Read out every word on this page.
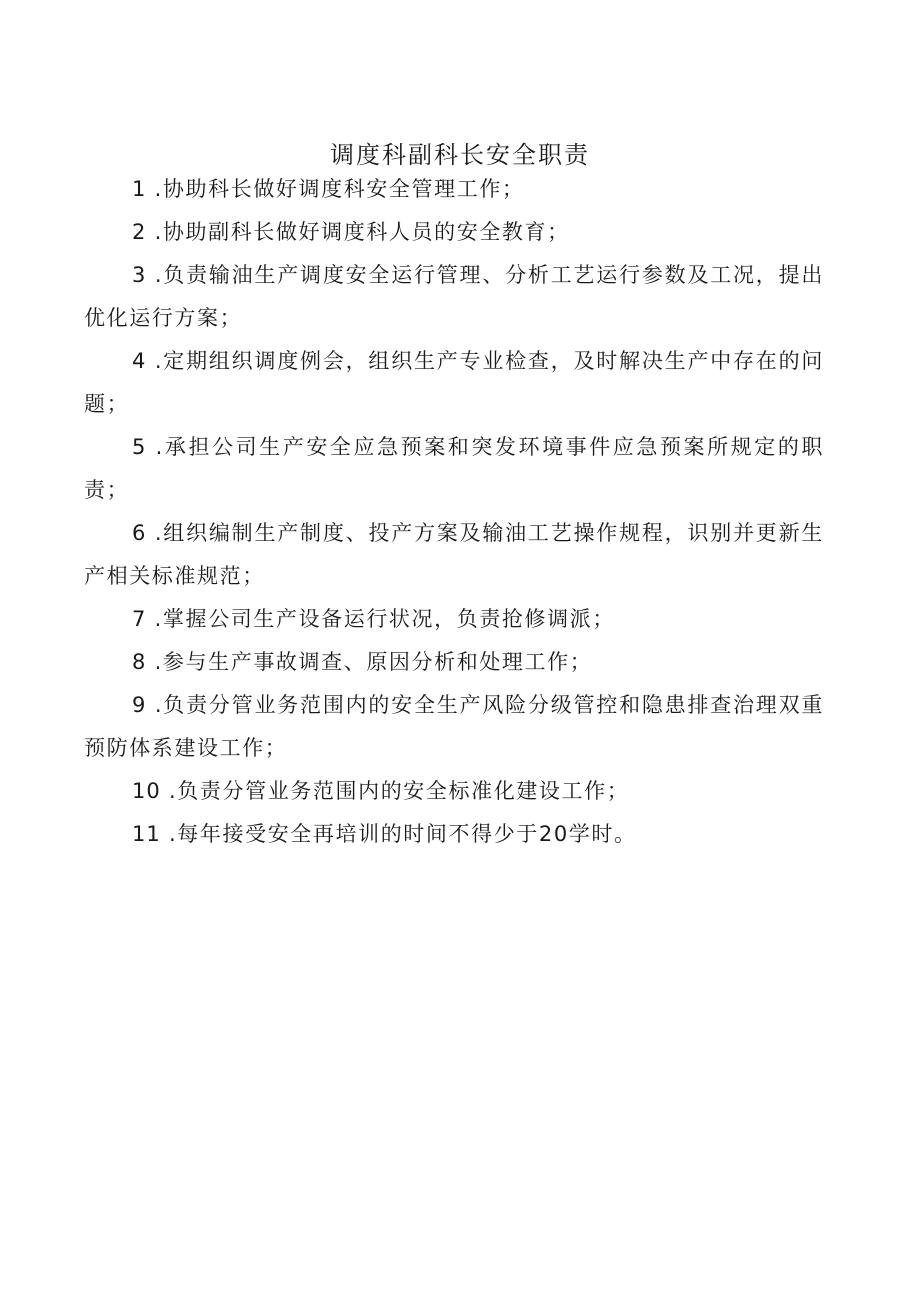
调度科副科长安全职责

1 .协助科长做好调度科安全管理工作；

2 .协助副科长做好调度科人员的安全教育；

3 .负责输油生产调度安全运行管理、分析工艺运行参数及工况，提出优化运行方案；

4 .定期组织调度例会，组织生产专业检查，及时解决生产中存在的问题；

5 .承担公司生产安全应急预案和突发环境事件应急预案所规定的职责；

6 .组织编制生产制度、投产方案及输油工艺操作规程，识别并更新生产相关标准规范；

7 .掌握公司生产设备运行状况，负责抢修调派；

8 .参与生产事故调查、原因分析和处理工作；

9 .负责分管业务范围内的安全生产风险分级管控和隐患排查治理双重预防体系建设工作；

10 .负责分管业务范围内的安全标准化建设工作；

11 .每年接受安全再培训的时间不得少于20学时。
